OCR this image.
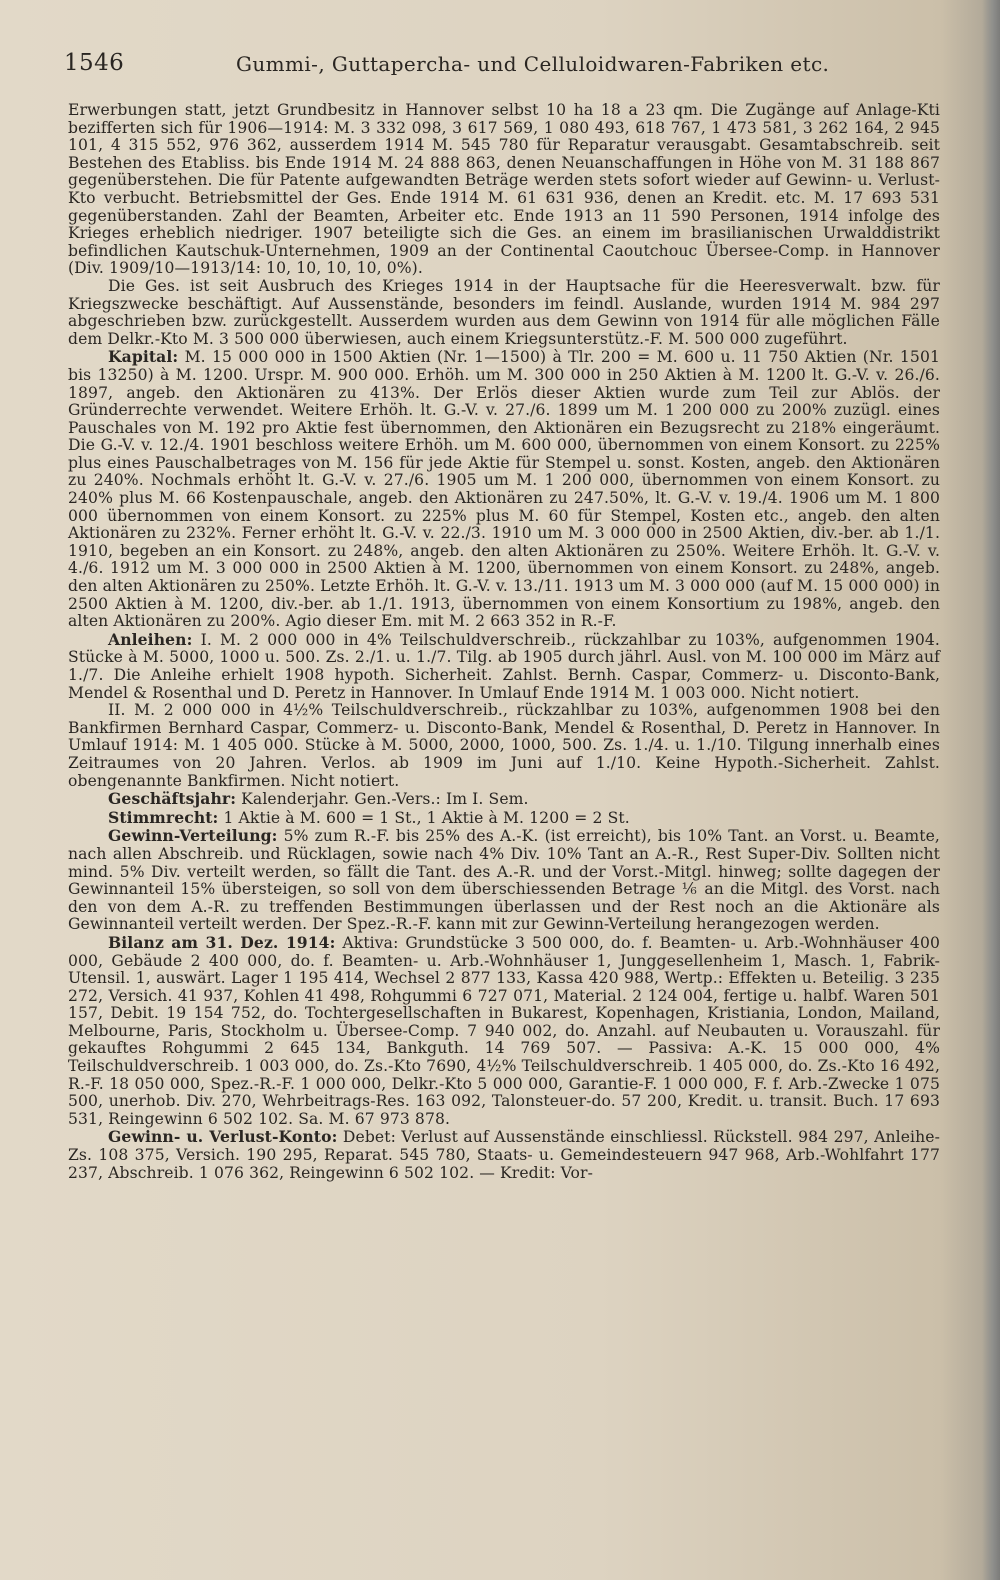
1546	Gummi-, Guttapercha- und Celluloidwaren-Fabriken etc.

Erwerbungen statt, jetzt Grundbesitz in Hannover selbst 10 ha 18 a 23 qm. Die Zugänge auf Anlage-Kti bezifferten sich für 1906—1914: M. 3 332 098, 3 617 569, 1 080 493, 618 767, 1 473 581, 3 262 164, 2 945 101, 4 315 552, 976 362, ausserdem 1914 M. 545 780 für Reparatur verausgabt. Gesamtabschreib. seit Bestehen des Etabliss. bis Ende 1914 M. 24 888 863, denen Neuanschaffungen in Höhe von M. 31 188 867 gegenüberstehen. Die für Patente aufgewandten Beträge werden stets sofort wieder auf Gewinn- u. Verlust-Kto verbucht. Betriebsmittel der Ges. Ende 1914 M. 61 631 936, denen an Kredit. etc. M. 17 693 531 gegenüberstanden. Zahl der Beamten, Arbeiter etc. Ende 1913 an 11 590 Personen, 1914 infolge des Krieges erheblich niedriger. 1907 beteiligte sich die Ges. an einem im brasilianischen Urwalddistrikt befindlichen Kautschuk-Unternehmen, 1909 an der Continental Caoutchouc Übersee-Comp. in Hannover (Div. 1909/10—1913/14: 10, 10, 10, 10, 0%).

Die Ges. ist seit Ausbruch des Krieges 1914 in der Hauptsache für die Heeresverwalt. bzw. für Kriegszwecke beschäftigt. Auf Aussenstände, besonders im feindl. Auslande, wurden 1914 M. 984 297 abgeschrieben bzw. zurückgestellt. Ausserdem wurden aus dem Gewinn von 1914 für alle möglichen Fälle dem Delkr.-Kto M. 3 500 000 überwiesen, auch einem Kriegsunterstütz.-F. M. 500 000 zugeführt.

Kapital: M. 15 000 000 in 1500 Aktien (Nr. 1—1500) à Tlr. 200 = M. 600 u. 11 750 Aktien (Nr. 1501 bis 13250) à M. 1200. Urspr. M. 900 000. Erhöh. um M. 300 000 in 250 Aktien à M. 1200 lt. G.-V. v. 26./6. 1897, angeb. den Aktionären zu 413%. Der Erlös dieser Aktien wurde zum Teil zur Ablös. der Gründerrechte verwendet. Weitere Erhöh. lt. G.-V. v. 27./6. 1899 um M. 1 200 000 zu 200% zuzügl. eines Pauschales von M. 192 pro Aktie fest übernommen, den Aktionären ein Bezugsrecht zu 218% eingeräumt. Die G.-V. v. 12./4. 1901 beschloss weitere Erhöh. um M. 600 000, übernommen von einem Konsort. zu 225% plus eines Pauschalbetrages von M. 156 für jede Aktie für Stempel u. sonst. Kosten, angeb. den Aktionären zu 240%. Nochmals erhöht lt. G.-V. v. 27./6. 1905 um M. 1 200 000, übernommen von einem Konsort. zu 240% plus M. 66 Kostenpauschale, angeb. den Aktionären zu 247.50%, lt. G.-V. v. 19./4. 1906 um M. 1 800 000 übernommen von einem Konsort. zu 225% plus M. 60 für Stempel, Kosten etc., angeb. den alten Aktionären zu 232%. Ferner erhöht lt. G.-V. v. 22./3. 1910 um M. 3 000 000 in 2500 Aktien, div.-ber. ab 1./1. 1910, begeben an ein Konsort. zu 248%, angeb. den alten Aktionären zu 250%. Weitere Erhöh. lt. G.-V. v. 4./6. 1912 um M. 3 000 000 in 2500 Aktien à M. 1200, übernommen von einem Konsort. zu 248%, angeb. den alten Aktionären zu 250%. Letzte Erhöh. lt. G.-V. v. 13./11. 1913 um M. 3 000 000 (auf M. 15 000 000) in 2500 Aktien à M. 1200, div.-ber. ab 1./1. 1913, übernommen von einem Konsortium zu 198%, angeb. den alten Aktionären zu 200%. Agio dieser Em. mit M. 2 663 352 in R.-F.

Anleihen: I. M. 2 000 000 in 4% Teilschuldverschreib., rückzahlbar zu 103%, aufgenommen 1904. Stücke à M. 5000, 1000 u. 500. Zs. 2./1. u. 1./7. Tilg. ab 1905 durch jährl. Ausl. von M. 100 000 im März auf 1./7. Die Anleihe erhielt 1908 hypoth. Sicherheit. Zahlst. Bernh. Caspar, Commerz- u. Disconto-Bank, Mendel & Rosenthal und D. Peretz in Hannover. In Umlauf Ende 1914 M. 1 003 000. Nicht notiert.

II. M. 2 000 000 in 4½% Teilschuldverschreib., rückzahlbar zu 103%, aufgenommen 1908 bei den Bankfirmen Bernhard Caspar, Commerz- u. Disconto-Bank, Mendel & Rosenthal, D. Peretz in Hannover. In Umlauf 1914: M. 1 405 000. Stücke à M. 5000, 2000, 1000, 500. Zs. 1./4. u. 1./10. Tilgung innerhalb eines Zeitraumes von 20 Jahren. Verlos. ab 1909 im Juni auf 1./10. Keine Hypoth.-Sicherheit. Zahlst. obengenannte Bankfirmen. Nicht notiert.

Geschäftsjahr: Kalenderjahr. Gen.-Vers.: Im I. Sem.

Stimmrecht: 1 Aktie à M. 600 = 1 St., 1 Aktie à M. 1200 = 2 St.

Gewinn-Verteilung: 5% zum R.-F. bis 25% des A.-K. (ist erreicht), bis 10% Tant. an Vorst. u. Beamte, nach allen Abschreib. und Rücklagen, sowie nach 4% Div. 10% Tant an A.-R., Rest Super-Div. Sollten nicht mind. 5% Div. verteilt werden, so fällt die Tant. des A.-R. und der Vorst.-Mitgl. hinweg; sollte dagegen der Gewinnanteil 15% übersteigen, so soll von dem überschiessenden Betrage ⅙ an die Mitgl. des Vorst. nach den von dem A.-R. zu treffenden Bestimmungen überlassen und der Rest noch an die Aktionäre als Gewinnanteil verteilt werden. Der Spez.-R.-F. kann mit zur Gewinn-Verteilung herangezogen werden.

Bilanz am 31. Dez. 1914: Aktiva: Grundstücke 3 500 000, do. f. Beamten- u. Arb.-Wohnhäuser 400 000, Gebäude 2 400 000, do. f. Beamten- u. Arb.-Wohnhäuser 1, Junggesellenheim 1, Masch. 1, Fabrik-Utensil. 1, auswärt. Lager 1 195 414, Wechsel 2 877 133, Kassa 420 988, Wertp.: Effekten u. Beteilig. 3 235 272, Versich. 41 937, Kohlen 41 498, Rohgummi 6 727 071, Material. 2 124 004, fertige u. halbf. Waren 501 157, Debit. 19 154 752, do. Tochtergesellschaften in Bukarest, Kopenhagen, Kristiania, London, Mailand, Melbourne, Paris, Stockholm u. Übersee-Comp. 7 940 002, do. Anzahl. auf Neubauten u. Vorauszahl. für gekauftes Rohgummi 2 645 134, Bankguth. 14 769 507. — Passiva: A.-K. 15 000 000, 4% Teilschuldverschreib. 1 003 000, do. Zs.-Kto 7690, 4½% Teilschuldverschreib. 1 405 000, do. Zs.-Kto 16 492, R.-F. 18 050 000, Spez.-R.-F. 1 000 000, Delkr.-Kto 5 000 000, Garantie-F. 1 000 000, F. f. Arb.-Zwecke 1 075 500, unerhob. Div. 270, Wehrbeitrags-Res. 163 092, Talonsteuer-do. 57 200, Kredit. u. transit. Buch. 17 693 531, Reingewinn 6 502 102. Sa. M. 67 973 878.

Gewinn- u. Verlust-Konto: Debet: Verlust auf Aussenstände einschliessl. Rückstell. 984 297, Anleihe-Zs. 108 375, Versich. 190 295, Reparat. 545 780, Staats- u. Gemeindesteuern 947 968, Arb.-Wohlfahrt 177 237, Abschreib. 1 076 362, Reingewinn 6 502 102. — Kredit: Vor-
